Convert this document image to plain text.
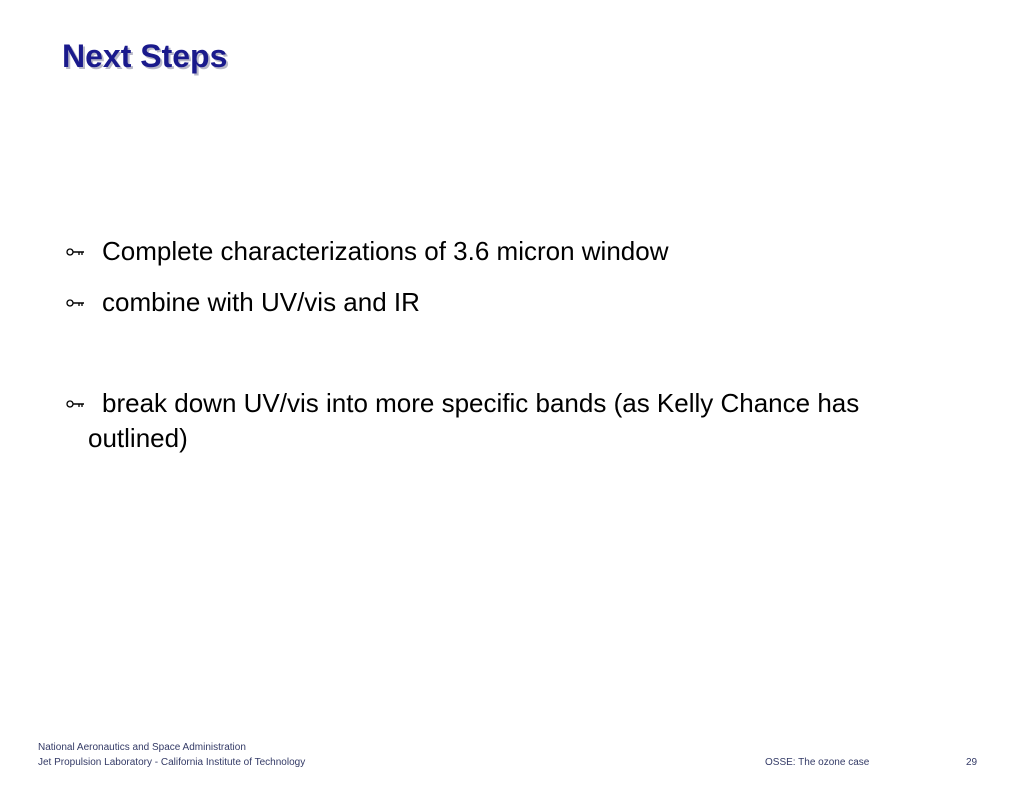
Next Steps
Complete characterizations of 3.6 micron window
combine with UV/vis and IR
break down UV/vis into more specific bands (as Kelly Chance has outlined)
National Aeronautics and Space Administration
Jet Propulsion Laboratory - California Institute of Technology	OSSE: The ozone case	29
